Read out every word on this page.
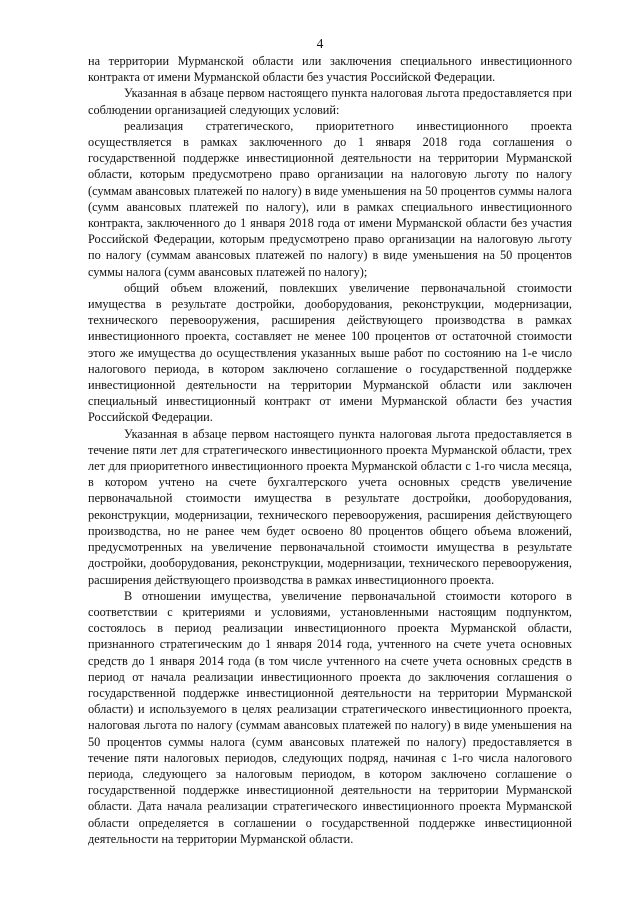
4

на территории Мурманской области или заключения специального инвестиционного контракта от имени Мурманской области без участия Российской Федерации.

Указанная в абзаце первом настоящего пункта налоговая льгота предоставляется при соблюдении организацией следующих условий:

реализация стратегического, приоритетного инвестиционного проекта осуществляется в рамках заключенного до 1 января 2018 года соглашения о государственной поддержке инвестиционной деятельности на территории Мурманской области, которым предусмотрено право организации на налоговую льготу по налогу (суммам авансовых платежей по налогу) в виде уменьшения на 50 процентов суммы налога (сумм авансовых платежей по налогу), или в рамках специального инвестиционного контракта, заключенного до 1 января 2018 года от имени Мурманской области без участия Российской Федерации, которым предусмотрено право организации на налоговую льготу по налогу (суммам авансовых платежей по налогу) в виде уменьшения на 50 процентов суммы налога (сумм авансовых платежей по налогу);

общий объем вложений, повлекших увеличение первоначальной стоимости имущества в результате достройки, дооборудования, реконструкции, модернизации, технического перевооружения, расширения действующего производства в рамках инвестиционного проекта, составляет не менее 100 процентов от остаточной стоимости этого же имущества до осуществления указанных выше работ по состоянию на 1-е число налогового периода, в котором заключено соглашение о государственной поддержке инвестиционной деятельности на территории Мурманской области или заключен специальный инвестиционный контракт от имени Мурманской области без участия Российской Федерации.

Указанная в абзаце первом настоящего пункта налоговая льгота предоставляется в течение пяти лет для стратегического инвестиционного проекта Мурманской области, трех лет для приоритетного инвестиционного проекта Мурманской области с 1-го числа месяца, в котором учтено на счете бухгалтерского учета основных средств увеличение первоначальной стоимости имущества в результате достройки, дооборудования, реконструкции, модернизации, технического перевооружения, расширения действующего производства, но не ранее чем будет освоено 80 процентов общего объема вложений, предусмотренных на увеличение первоначальной стоимости имущества в результате достройки, дооборудования, реконструкции, модернизации, технического перевооружения, расширения действующего производства в рамках инвестиционного проекта.

В отношении имущества, увеличение первоначальной стоимости которого в соответствии с критериями и условиями, установленными настоящим подпунктом, состоялось в период реализации инвестиционного проекта Мурманской области, признанного стратегическим до 1 января 2014 года, учтенного на счете учета основных средств до 1 января 2014 года (в том числе учтенного на счете учета основных средств в период от начала реализации инвестиционного проекта до заключения соглашения о государственной поддержке инвестиционной деятельности на территории Мурманской области) и используемого в целях реализации стратегического инвестиционного проекта, налоговая льгота по налогу (суммам авансовых платежей по налогу) в виде уменьшения на 50 процентов суммы налога (сумм авансовых платежей по налогу) предоставляется в течение пяти налоговых периодов, следующих подряд, начиная с 1-го числа налогового периода, следующего за налоговым периодом, в котором заключено соглашение о государственной поддержке инвестиционной деятельности на территории Мурманской области. Дата начала реализации стратегического инвестиционного проекта Мурманской области определяется в соглашении о государственной поддержке инвестиционной деятельности на территории Мурманской области.
